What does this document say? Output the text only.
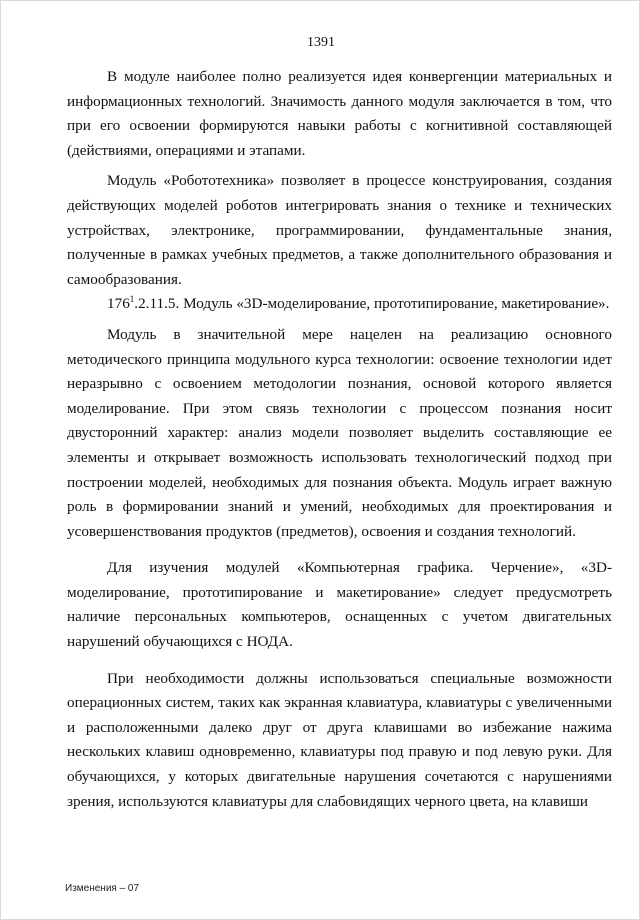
1391

В модуле наиболее полно реализуется идея конвергенции материальных и информационных технологий. Значимость данного модуля заключается в том, что при его освоении формируются навыки работы с когнитивной составляющей (действиями, операциями и этапами.

Модуль «Робототехника» позволяет в процессе конструирования, создания действующих моделей роботов интегрировать знания о технике и технических устройствах, электронике, программировании, фундаментальные знания, полученные в рамках учебных предметов, а также дополнительного образования и самообразования.

$176^1.2.11.5$. Модуль «3D-моделирование, прототипирование, макетирование».

Модуль в значительной мере нацелен на реализацию основного методического принципа модульного курса технологии: освоение технологии идет неразрывно с освоением методологии познания, основой которого является моделирование. При этом связь технологии с процессом познания носит двусторонний характер: анализ модели позволяет выделить составляющие ее элементы и открывает возможность использовать технологический подход при построении моделей, необходимых для познания объекта. Модуль играет важную роль в формировании знаний и умений, необходимых для проектирования и усовершенствования продуктов (предметов), освоения и создания технологий.

Для изучения модулей «Компьютерная графика. Черчение», «3D-моделирование, прототипирование и макетирование» следует предусмотреть наличие персональных компьютеров, оснащенных с учетом двигательных нарушений обучающихся с НОДА.

При необходимости должны использоваться специальные возможности операционных систем, таких как экранная клавиатура, клавиатуры с увеличенными и расположенными далеко друг от друга клавишами во избежание нажима нескольких клавиш одновременно, клавиатуры под правую и под левую руки. Для обучающихся, у которых двигательные нарушения сочетаются с нарушениями зрения, используются клавиатуры для слабовидящих черного цвета, на клавиши

Изменения – 07
